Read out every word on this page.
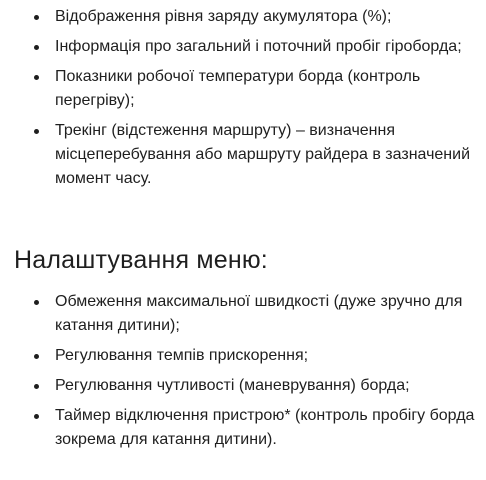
Відображення рівня заряду акумулятора (%);
Інформація про загальний і поточний пробіг гіроборда;
Показники робочої температури борда (контроль перегріву);
Трекінг (відстеження маршруту) – визначення місцеперебування або маршруту райдера в зазначений момент часу.
Налаштування меню:
Обмеження максимальної швидкості (дуже зручно для катання дитини);
Регулювання темпів прискорення;
Регулювання чутливості (маневрування) борда;
Таймер відключення пристрою* (контроль пробігу борда зокрема для катання дитини).
